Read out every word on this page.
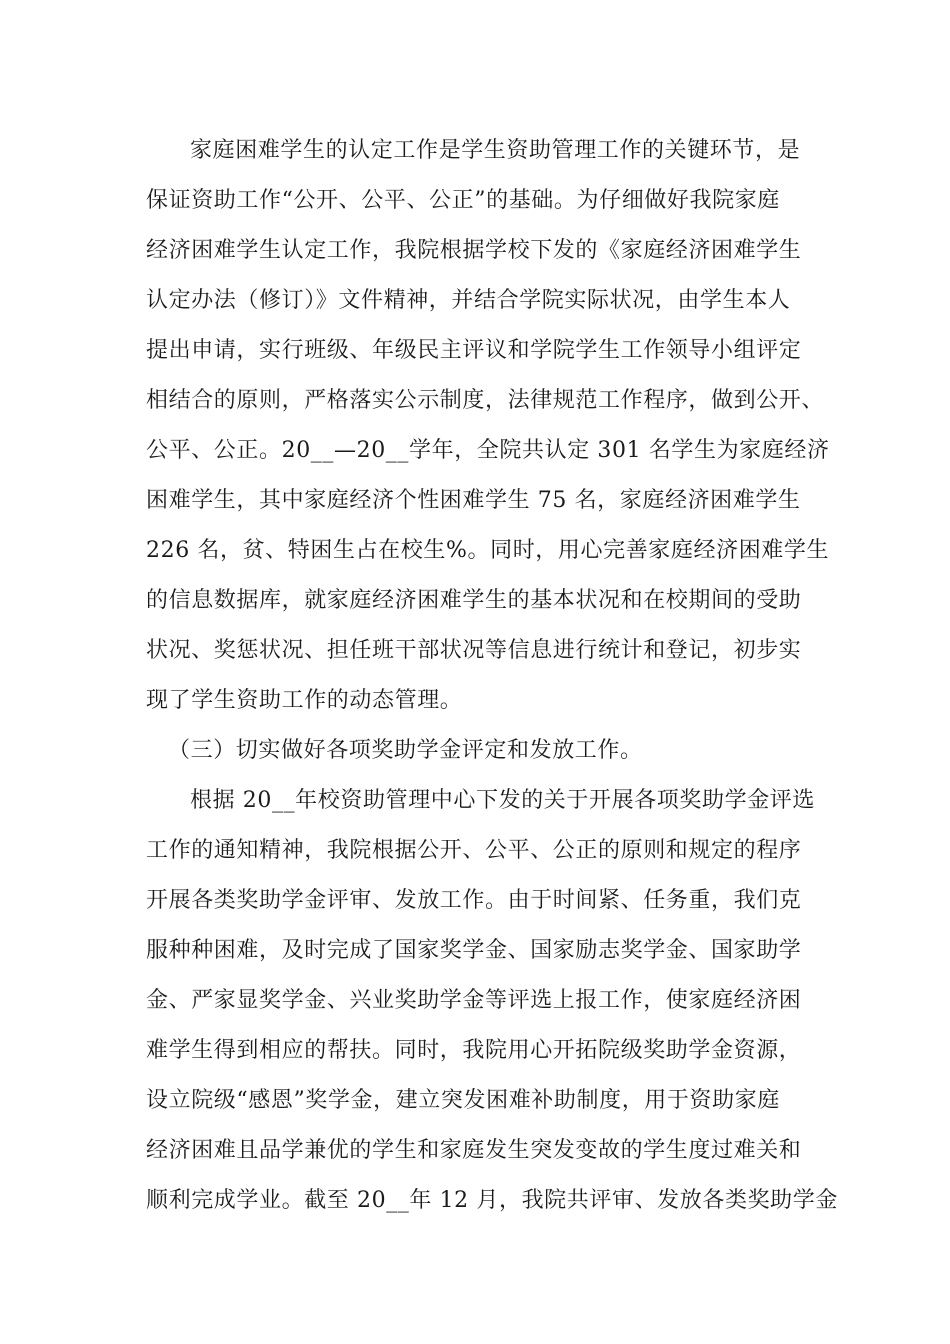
家庭困难学生的认定工作是学生资助管理工作的关键环节，是
保证资助工作“公开、公平、公正”的基础。为仔细做好我院家庭
经济困难学生认定工作，我院根据学校下发的《家庭经济困难学生
认定办法（修订）》文件精神，并结合学院实际状况，由学生本人
提出申请，实行班级、年级民主评议和学院学生工作领导小组评定
相结合的原则，严格落实公示制度，法律规范工作程序，做到公开、
公平、公正。20__—20__学年，全院共认定 301 名学生为家庭经济
困难学生，其中家庭经济个性困难学生 75 名，家庭经济困难学生
226 名，贫、特困生占在校生%。同时，用心完善家庭经济困难学生
的信息数据库，就家庭经济困难学生的基本状况和在校期间的受助
状况、奖惩状况、担任班干部状况等信息进行统计和登记，初步实
现了学生资助工作的动态管理。
（三）切实做好各项奖助学金评定和发放工作。
根据 20__年校资助管理中心下发的关于开展各项奖助学金评选
工作的通知精神，我院根据公开、公平、公正的原则和规定的程序
开展各类奖助学金评审、发放工作。由于时间紧、任务重，我们克
服种种困难，及时完成了国家奖学金、国家励志奖学金、国家助学
金、严家显奖学金、兴业奖助学金等评选上报工作，使家庭经济困
难学生得到相应的帮扶。同时，我院用心开拓院级奖助学金资源，
设立院级“感恩”奖学金，建立突发困难补助制度，用于资助家庭
经济困难且品学兼优的学生和家庭发生突发变故的学生度过难关和
顺利完成学业。截至 20__年 12 月，我院共评审、发放各类奖助学金
